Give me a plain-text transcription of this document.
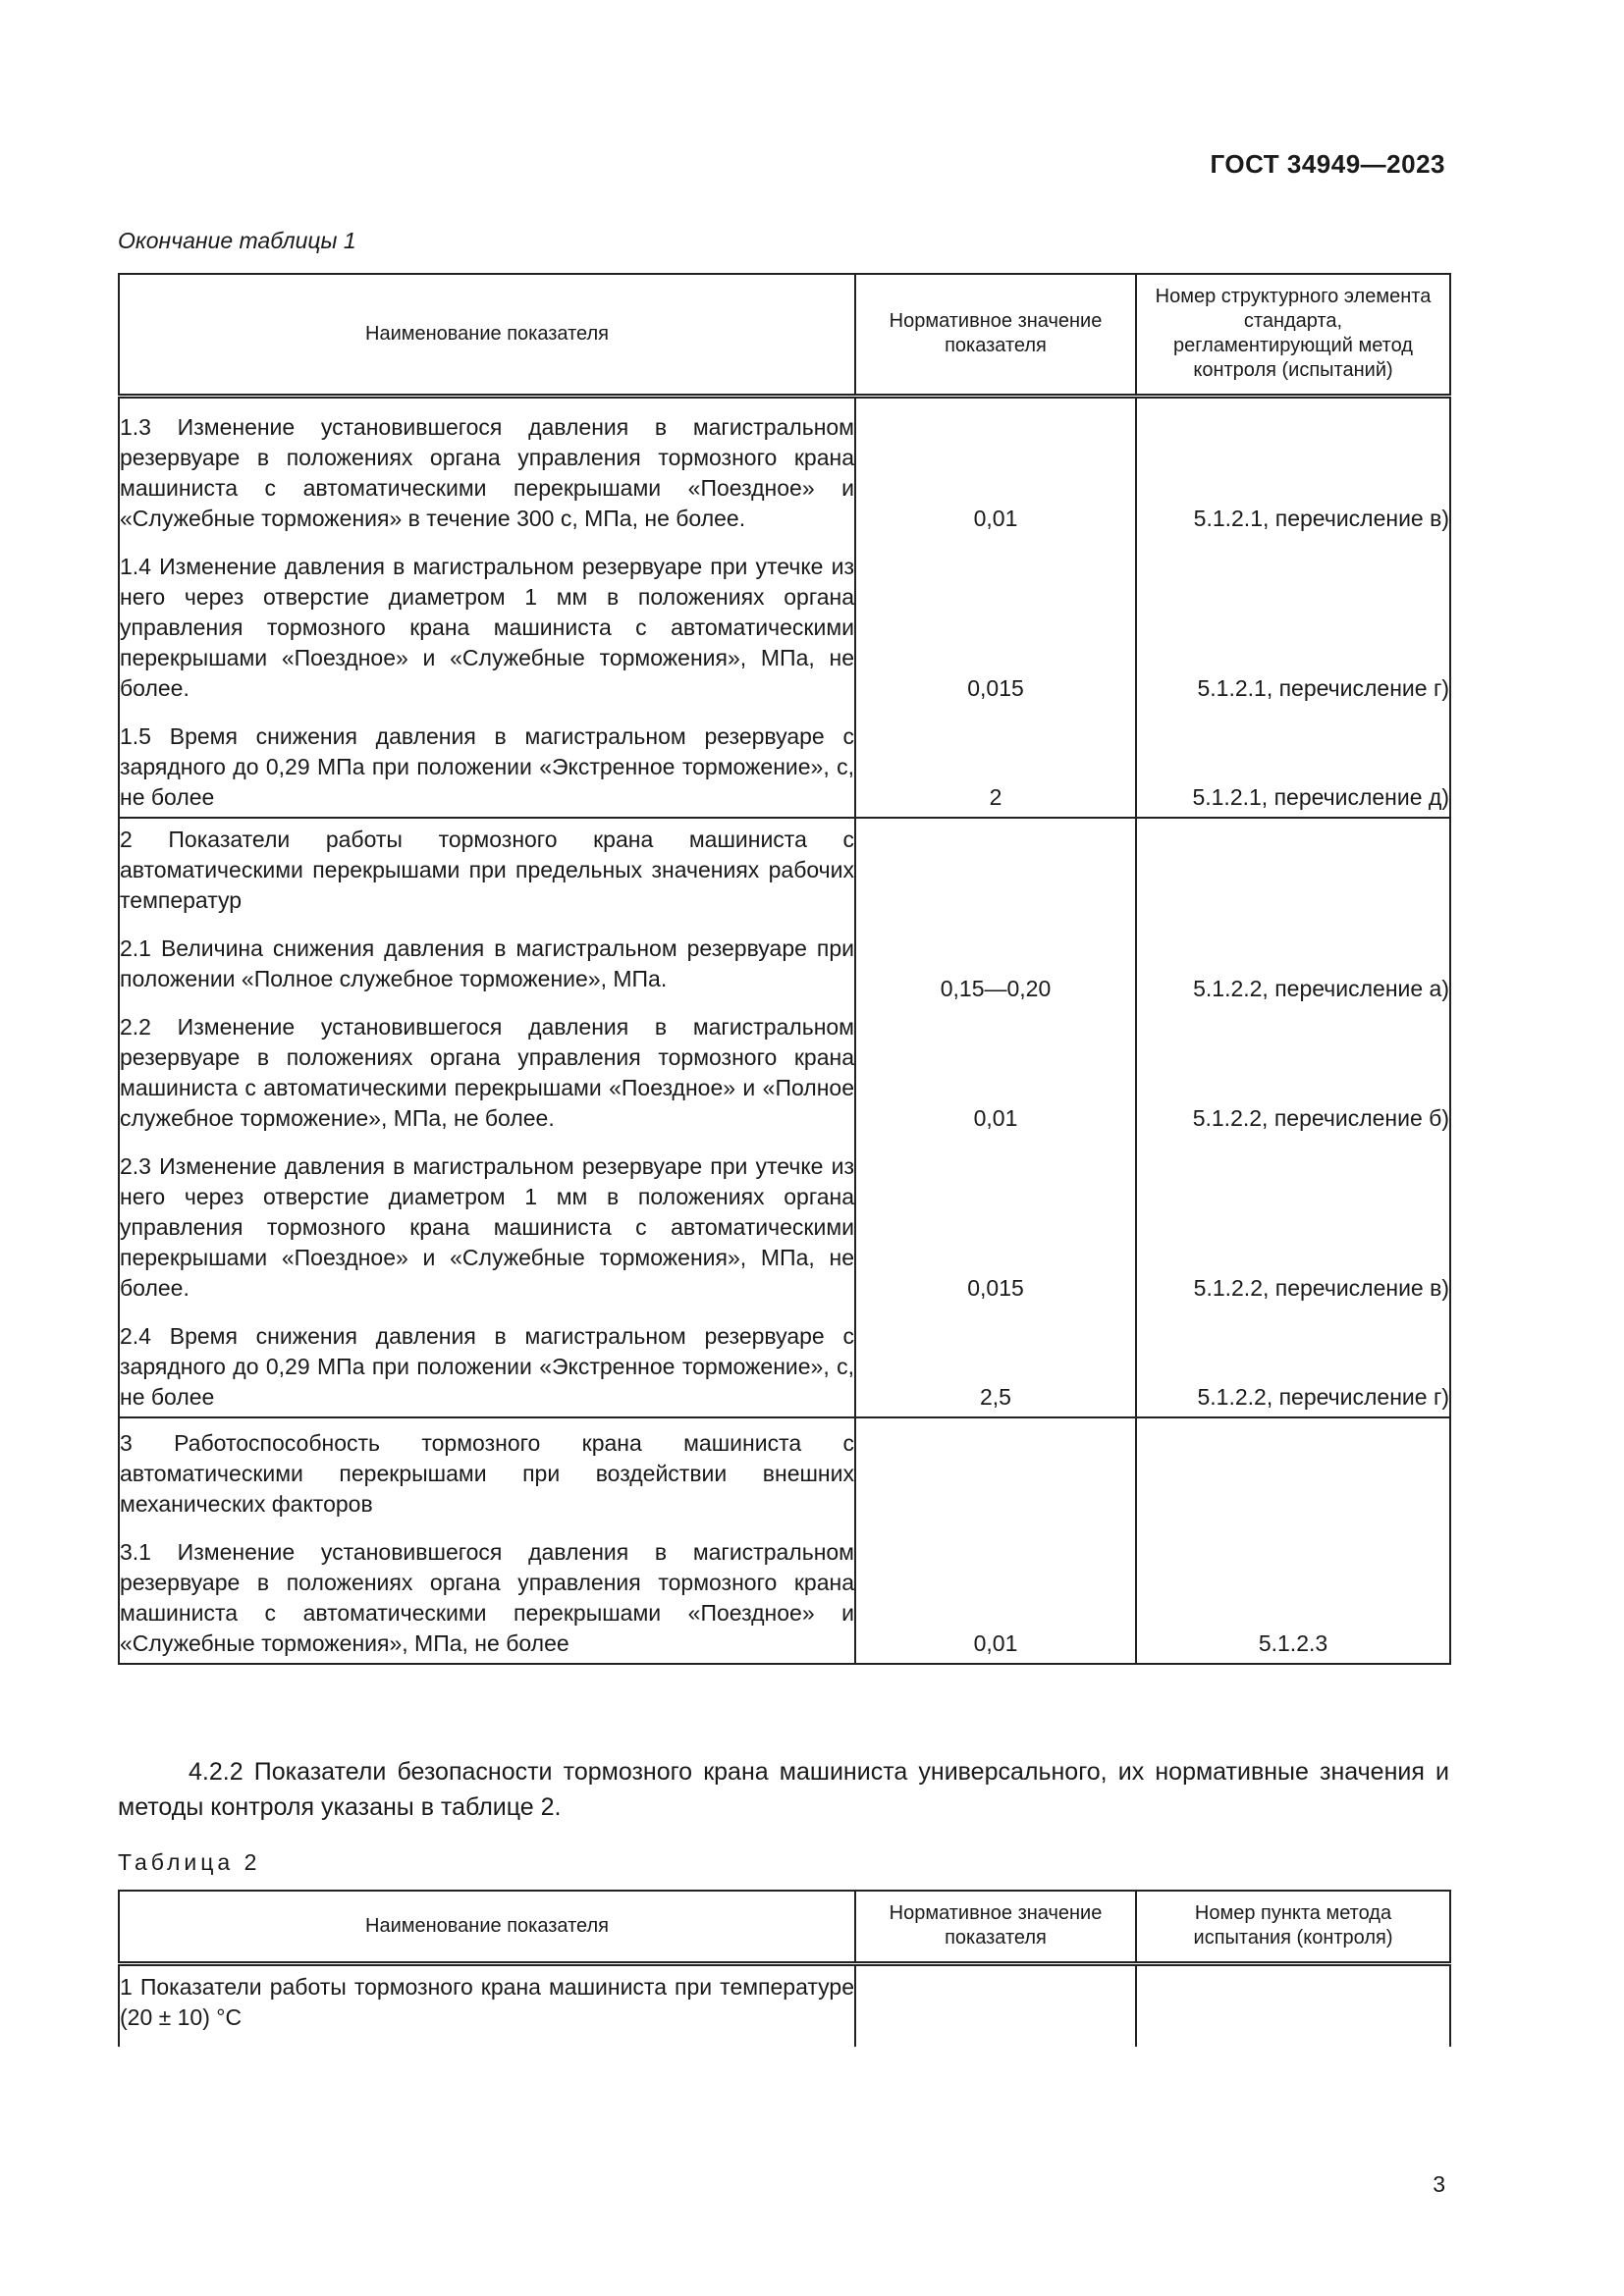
ГОСТ 34949—2023
Окончание таблицы 1
Наименование показателя	Нормативное значение показателя	Номер структурного элемента стандарта, регламентирующий метод контроля (испытаний)

1.3 Изменение установившегося давления в магистральном резервуаре в положениях органа управления тормозного крана машиниста с автоматическими перекрышами «Поездное» и «Служебные торможения» в течение 300 с, МПа, не более.	0,01	5.1.2.1, перечисление в)

1.4 Изменение давления в магистральном резервуаре при утечке из него через отверстие диаметром 1 мм в положениях органа управления тормозного крана машиниста с автоматическими перекрышами «Поездное» и «Служебные торможения», МПа, не более.	0,015	5.1.2.1, перечисление г)

1.5 Время снижения давления в магистральном резервуаре с зарядного до 0,29 МПа при положении «Экстренное торможение», с, не более	2	5.1.2.1, перечисление д)

2 Показатели работы тормозного крана машиниста с автоматическими перекрышами при предельных значениях рабочих температур		

2.1 Величина снижения давления в магистральном резервуаре при положении «Полное служебное торможение», МПа.	0,15—0,20	5.1.2.2, перечисление а)

2.2 Изменение установившегося давления в магистральном резервуаре в положениях органа управления тормозного крана машиниста с автоматическими перекрышами «Поездное» и «Полное служебное торможение», МПа, не более.	0,01	5.1.2.2, перечисление б)

2.3 Изменение давления в магистральном резервуаре при утечке из него через отверстие диаметром 1 мм в положениях органа управления тормозного крана машиниста с автоматическими перекрышами «Поездное» и «Служебные торможения», МПа, не более.	0,015	5.1.2.2, перечисление в)

2.4 Время снижения давления в магистральном резервуаре с зарядного до 0,29 МПа при положении «Экстренное торможение», с, не более	2,5	5.1.2.2, перечисление г)

3 Работоспособность тормозного крана машиниста с автоматическими перекрышами при воздействии внешних механических факторов		

3.1 Изменение установившегося давления в магистральном резервуаре в положениях органа управления тормозного крана машиниста с автоматическими перекрышами «Поездное» и «Служебные торможения», МПа, не более	0,01	5.1.2.3
4.2.2 Показатели безопасности тормозного крана машиниста универсального, их нормативные значения и методы контроля указаны в таблице 2.
Таблица 2
Наименование показателя	Нормативное значение показателя	Номер пункта метода испытания (контроля)

1 Показатели работы тормозного крана машиниста при температуре (20 ± 10) °С		

3
